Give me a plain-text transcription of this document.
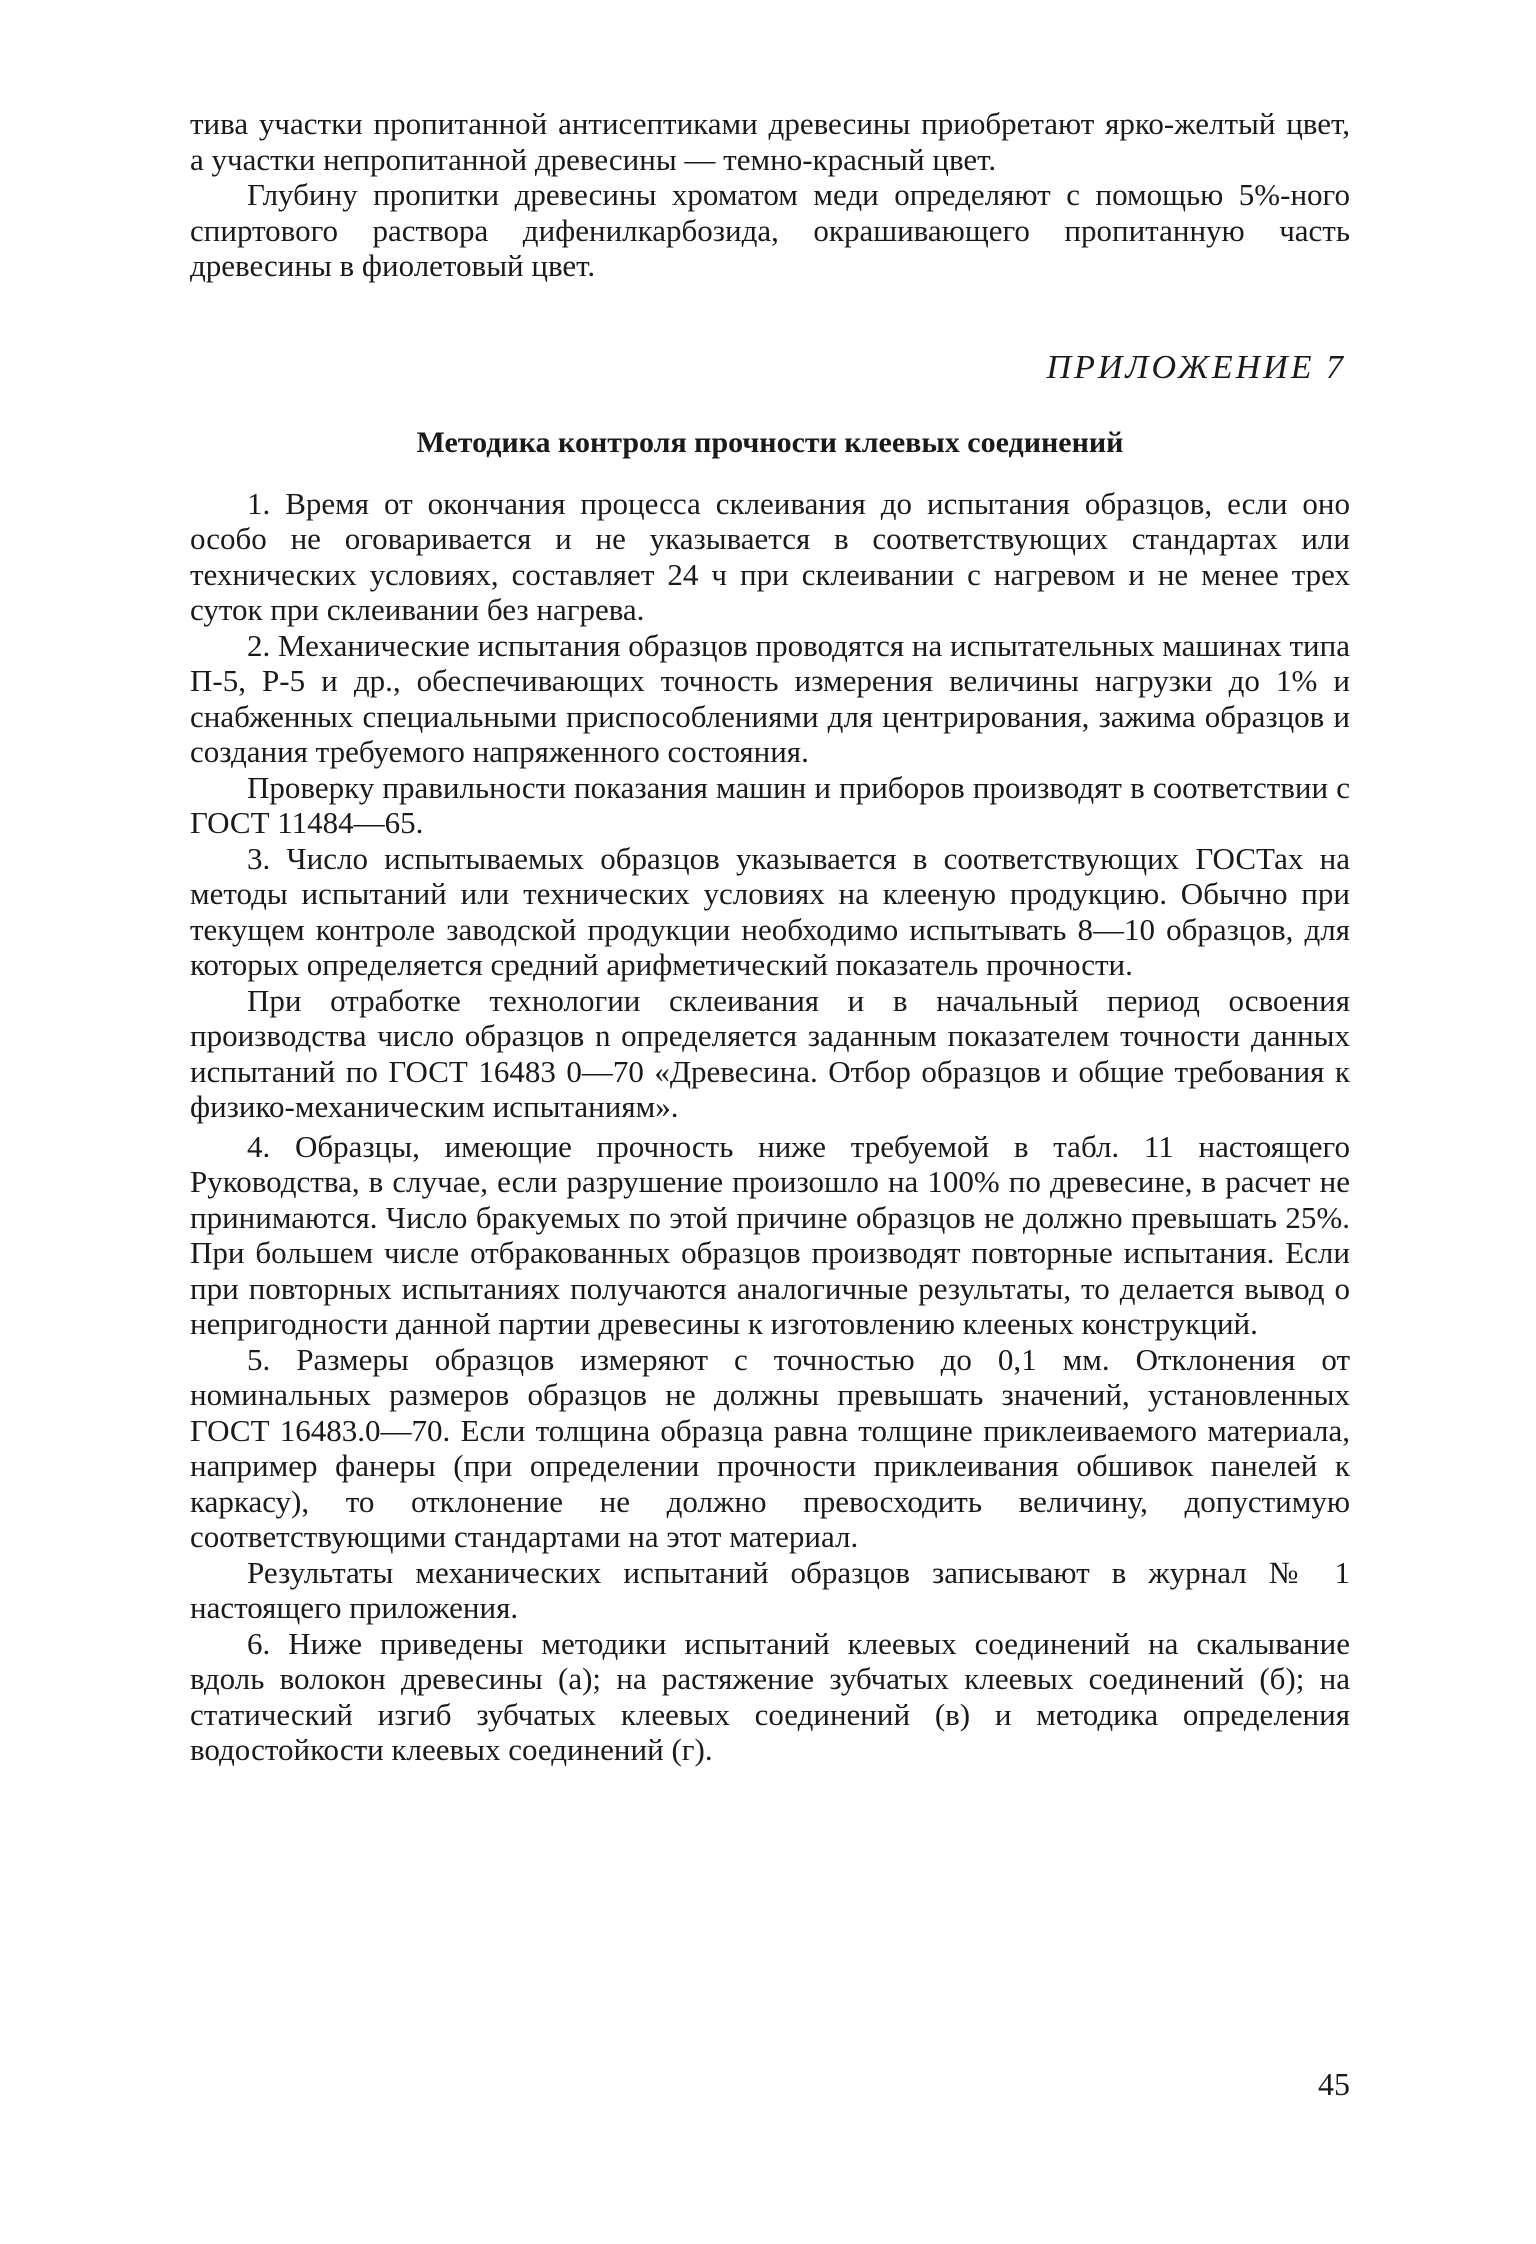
тива участки пропитанной антисептиками древесины приобретают ярко-желтый цвет, а участки непропитанной древесины — темно-красный цвет.

Глубину пропитки древесины хроматом меди определяют с помощью 5%-ного спиртового раствора дифенилкарбозида, окрашивающего пропитанную часть древесины в фиолетовый цвет.

ПРИЛОЖЕНИЕ 7
Методика контроля прочности клеевых соединений

1. Время от окончания процесса склеивания до испытания образцов, если оно особо не оговаривается и не указывается в соответствующих стандартах или технических условиях, составляет 24 ч при склеивании с нагревом и не менее трех суток при склеивании без нагрева.

2. Механические испытания образцов проводятся на испытательных машинах типа П-5, Р-5 и др., обеспечивающих точность измерения величины нагрузки до 1% и снабженных специальными приспособлениями для центрирования, зажима образцов и создания требуемого напряженного состояния.

Проверку правильности показания машин и приборов производят в соответствии с ГОСТ 11484—65.

3. Число испытываемых образцов указывается в соответствующих ГОСТах на методы испытаний или технических условиях на клееную продукцию. Обычно при текущем контроле заводской продукции необходимо испытывать 8—10 образцов, для которых определяется средний арифметический показатель прочности.

При отработке технологии склеивания и в начальный период освоения производства число образцов n определяется заданным показателем точности данных испытаний по ГОСТ 16483 0—70 «Древесина. Отбор образцов и общие требования к физико-механическим испытаниям».

4. Образцы, имеющие прочность ниже требуемой в табл. 11 настоящего Руководства, в случае, если разрушение произошло на 100% по древесине, в расчет не принимаются. Число бракуемых по этой причине образцов не должно превышать 25%. При большем числе отбракованных образцов производят повторные испытания. Если при повторных испытаниях получаются аналогичные результаты, то делается вывод о непригодности данной партии древесины к изготовлению клееных конструкций.

5. Размеры образцов измеряют с точностью до 0,1 мм. Отклонения от номинальных размеров образцов не должны превышать значений, установленных ГОСТ 16483.0—70. Если толщина образца равна толщине приклеиваемого материала, например фанеры (при определении прочности приклеивания обшивок панелей к каркасу), то отклонение не должно превосходить величину, допустимую соответствующими стандартами на этот материал.

Результаты механических испытаний образцов записывают в журнал № 1 настоящего приложения.

6. Ниже приведены методики испытаний клеевых соединений на скалывание вдоль волокон древесины (а); на растяжение зубчатых клеевых соединений (б); на статический изгиб зубчатых клеевых соединений (в) и методика определения водостойкости клеевых соединений (г).

45
